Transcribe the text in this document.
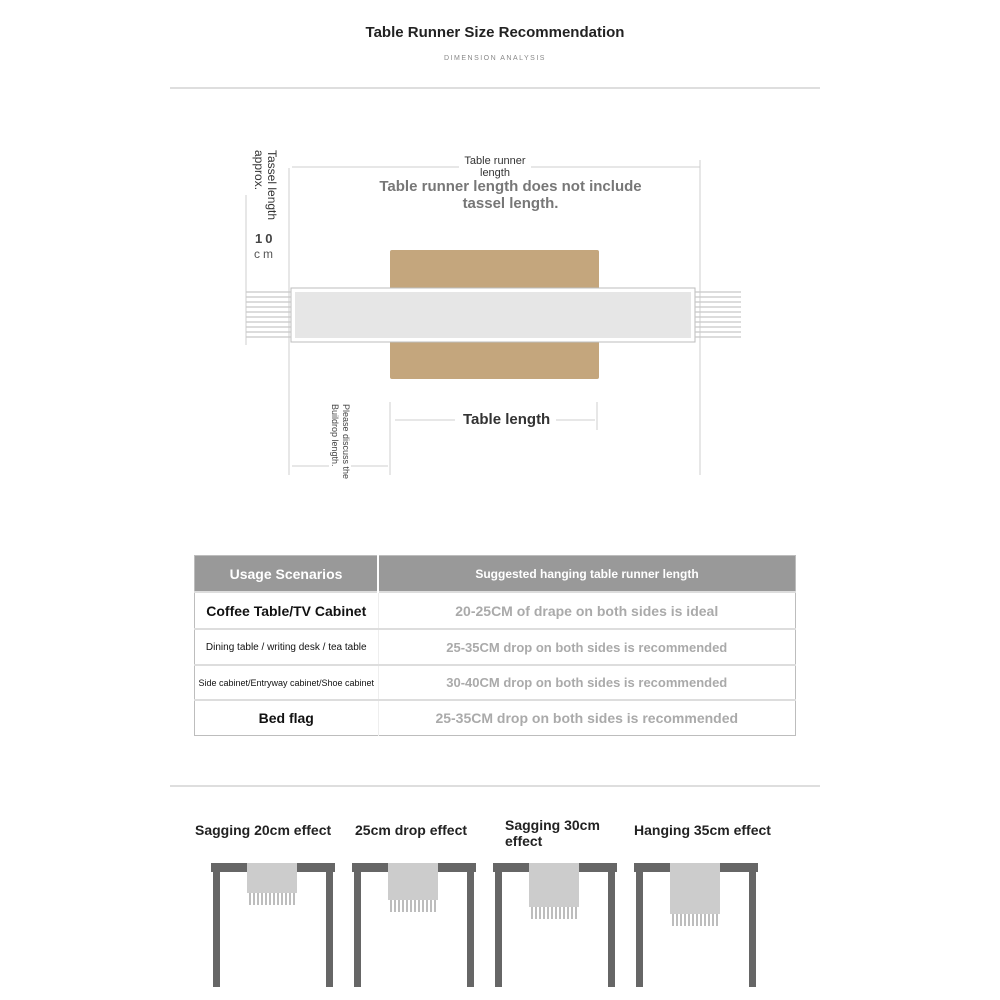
Table Runner Size Recommendation
DIMENSION ANALYSIS
Table runner length
Table runner length does not include tassel length.
Tassel length approx.
10
cm
Table length
Please discuss the Buildrop length.
Usage Scenarios	Suggested hanging table runner length
Coffee Table/TV Cabinet	20-25CM of drape on both sides is ideal
Dining table / writing desk / tea table	25-35CM drop on both sides is recommended
Side cabinet/Entryway cabinet/Shoe cabinet	30-40CM drop on both sides is recommended
Bed flag	25-35CM drop on both sides is recommended
Sagging 20cm effect	25cm drop effect	Sagging 30cm effect
Hanging 35cm effect
